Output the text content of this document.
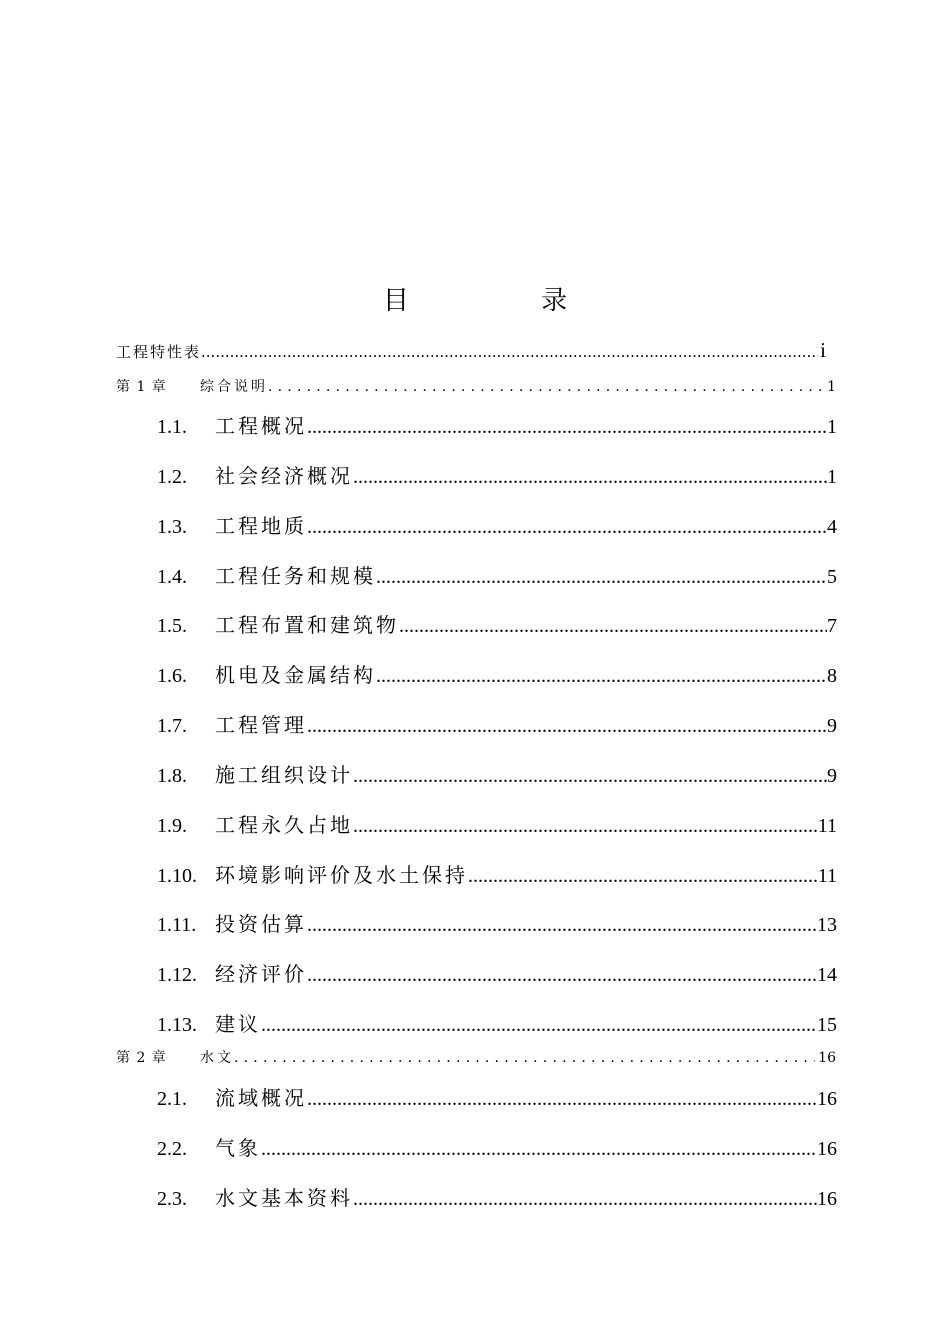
目 录
工程特性表 .....	i
第 1 章	综合说明 .....	1
1.1.	工程概况 .....	1
1.2.	社会经济概况 .....	1
1.3.	工程地质 .....	4
1.4.	工程任务和规模 .....	5
1.5.	工程布置和建筑物 .....	7
1.6.	机电及金属结构 .....	8
1.7.	工程管理 .....	9
1.8.	施工组织设计 .....	9
1.9.	工程永久占地 .....	11
1.10. 环境影响评价及水土保持 .....	11
1.11. 投资估算 .....	13
1.12. 经济评价 .....	14
1.13. 建议 .....	15
第 2 章	水文 .....	16
2.1.	流域概况 .....	16
2.2.	气象 .....	16
2.3.	水文基本资料 .....	16
